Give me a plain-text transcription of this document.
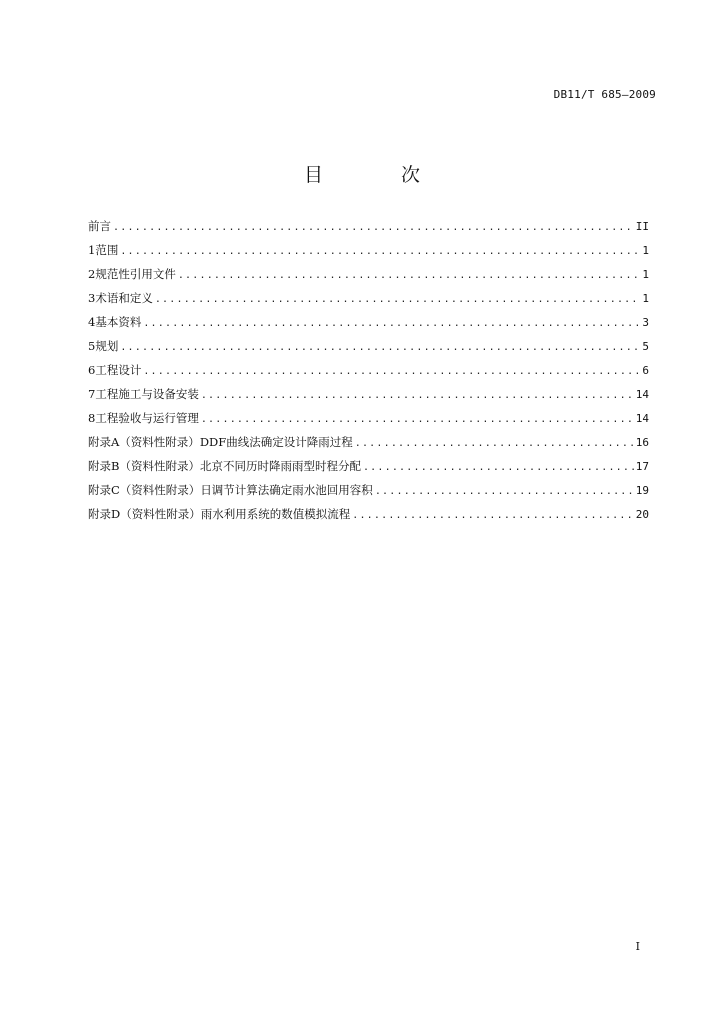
DB11/T 685—2009
目 次
前言 .....	II
1 范围 .....	1
2 规范性引用文件 .....	1
3 术语和定义 .....	1
4 基本资料 .....	3
5 规划 .....	5
6 工程设计 .....	6
7 工程施工与设备安装 .....	14
8 工程验收与运行管理 .....	14
附录A（资料性附录） DDF曲线法确定设计降雨过程 .....	16
附录B（资料性附录） 北京不同历时降雨雨型时程分配 .....	17
附录C（资料性附录） 日调节计算法确定雨水池回用容积 .....	19
附录D（资料性附录） 雨水利用系统的数值模拟流程 .....	20
I
